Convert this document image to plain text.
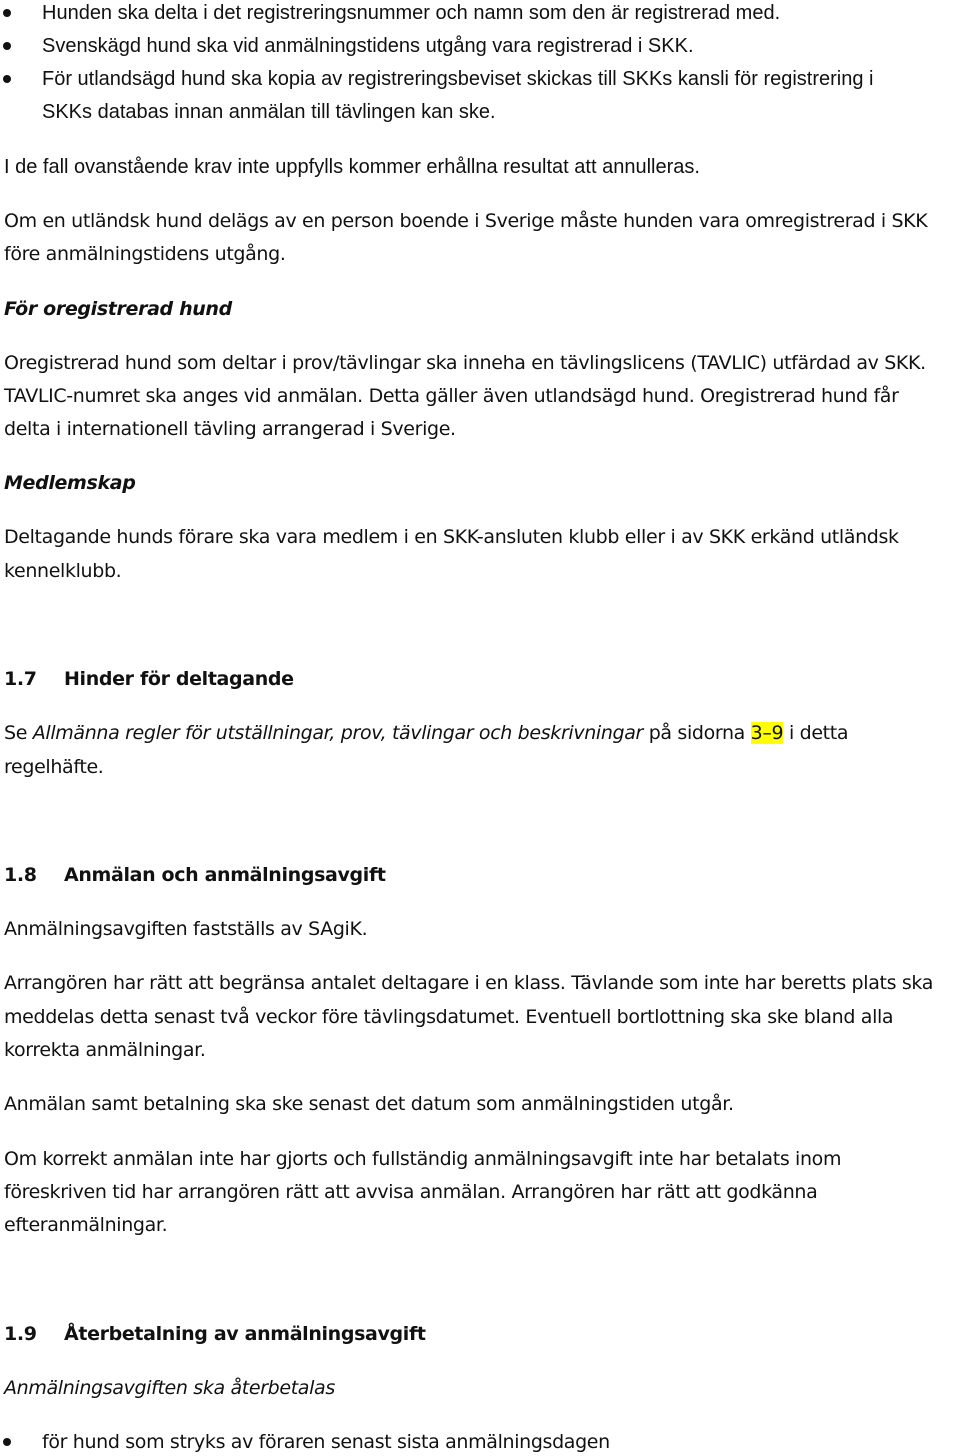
Hunden ska delta i det registreringsnummer och namn som den är registrerad med.
Svenskägd hund ska vid anmälningstidens utgång vara registrerad i SKK.
För utlandsägd hund ska kopia av registreringsbeviset skickas till SKKs kansli för registrering i
SKKs databas innan anmälan till tävlingen kan ske.
I de fall ovanstående krav inte uppfylls kommer erhållna resultat att annulleras.
Om en utländsk hund delägs av en person boende i Sverige måste hunden vara omregistrerad i SKK
före anmälningstidens utgång.
För oregistrerad hund
Oregistrerad hund som deltar i prov/tävlingar ska inneha en tävlingslicens (TAVLIC) utfärdad av SKK.
TAVLIC-numret ska anges vid anmälan. Detta gäller även utlandsägd hund. Oregistrerad hund får
delta i internationell tävling arrangerad i Sverige.
Medlemskap
Deltagande hunds förare ska vara medlem i en SKK-ansluten klubb eller i av SKK erkänd utländsk
kennelklubb.
1.7 Hinder för deltagande
Se Allmänna regler för utställningar, prov, tävlingar och beskrivningar på sidorna 3–9 i detta
regelhäfte.
1.8 Anmälan och anmälningsavgift
Anmälningsavgiften fastställs av SAgiK.
Arrangören har rätt att begränsa antalet deltagare i en klass. Tävlande som inte har beretts plats ska
meddelas detta senast två veckor före tävlingsdatumet. Eventuell bortlottning ska ske bland alla
korrekta anmälningar.
Anmälan samt betalning ska ske senast det datum som anmälningstiden utgår.
Om korrekt anmälan inte har gjorts och fullständig anmälningsavgift inte har betalats inom
föreskriven tid har arrangören rätt att avvisa anmälan. Arrangören har rätt att godkänna
efteranmälningar.
1.9 Återbetalning av anmälningsavgift
Anmälningsavgiften ska återbetalas
för hund som stryks av föraren senast sista anmälningsdagen
